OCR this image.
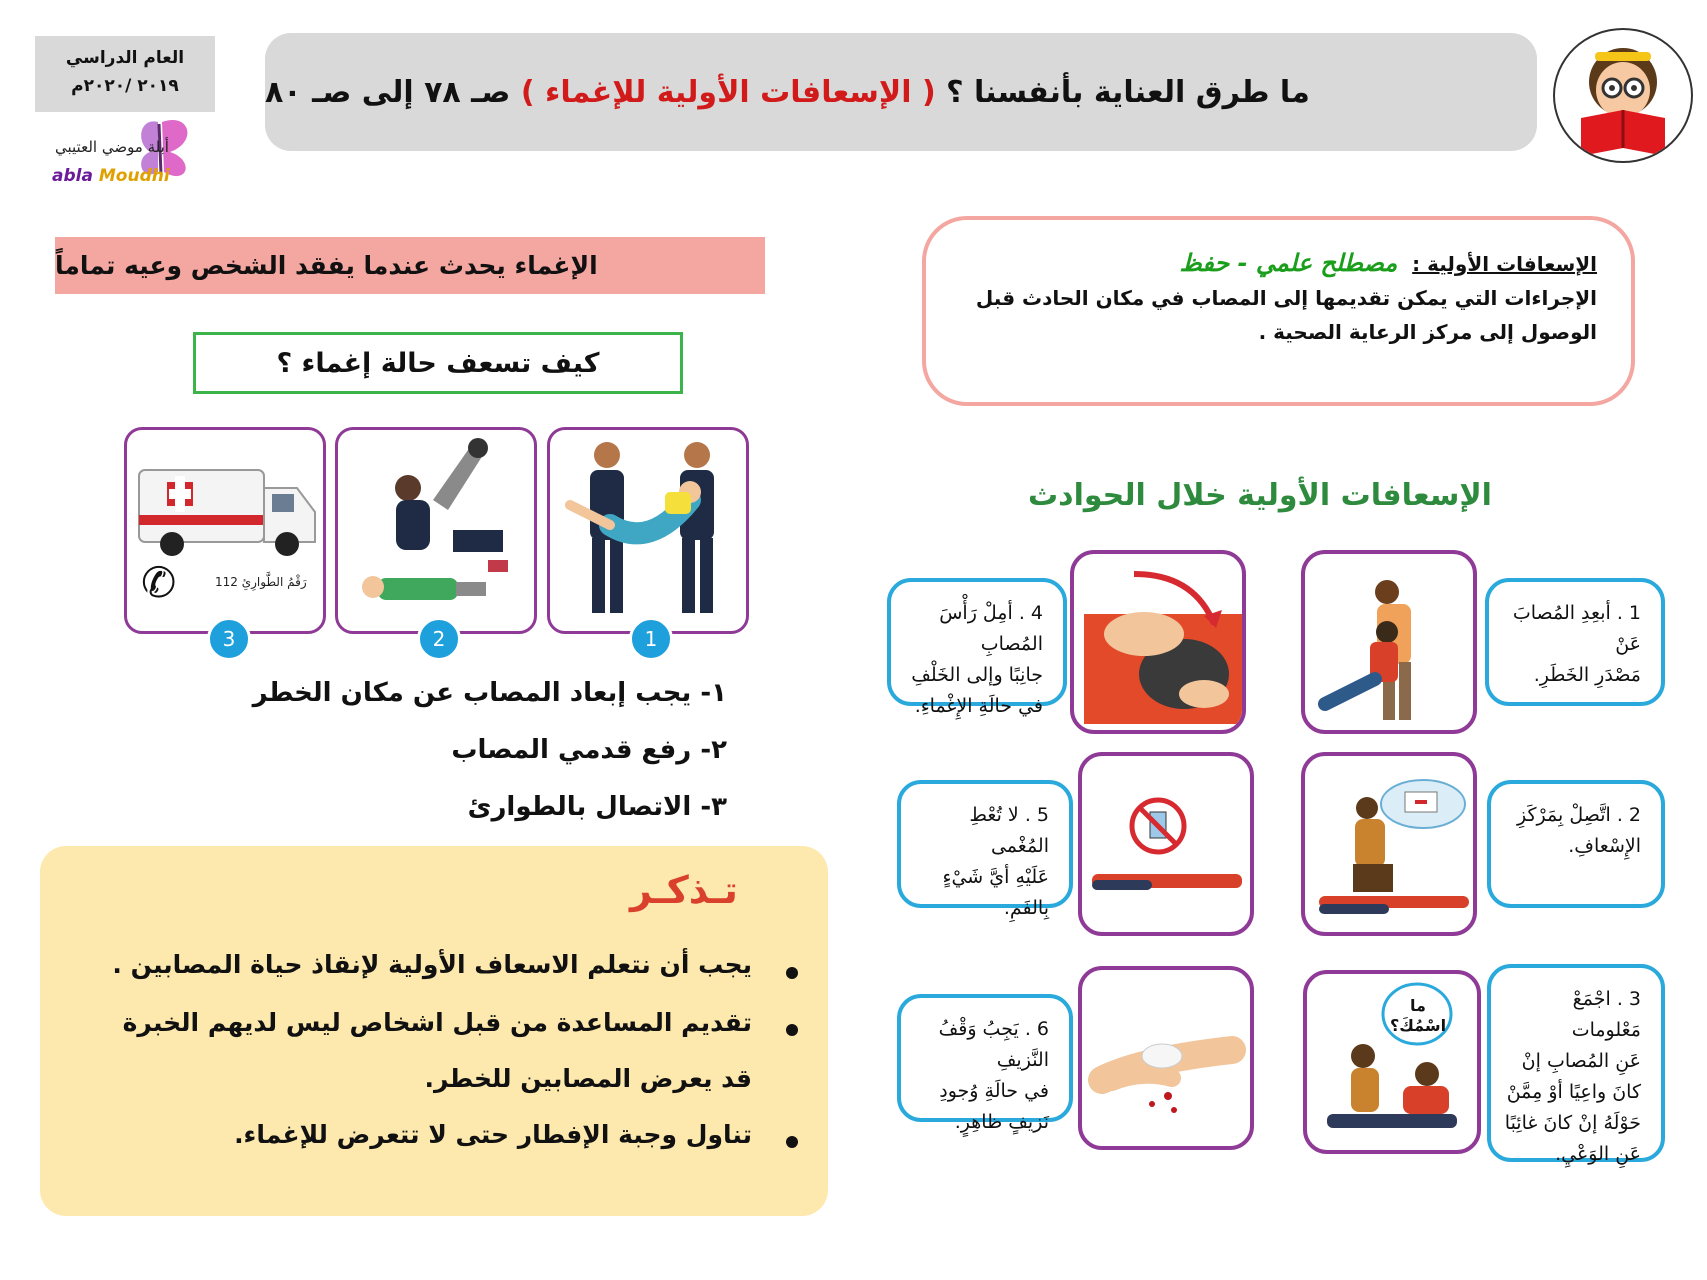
العام الدراسي
٢٠١٩ /٢٠٢٠م
أبلة موضي العتيبي
abla Moudhi
ما طرق العناية بأنفسنا ؟

( الإسعافات الأولية للإغماء )

صـ ٧٨ إلى صـ ٨٠
الإسعافات الأولية : مصطلح علمي - حفظ
الإجراءات التي يمكن تقديمها إلى المصاب في مكان الحادث قبل
الوصول إلى مركز الرعاية الصحية .
الإسعافات الأولية خلال الحوادث
الإغماء يحدث عندما يفقد الشخص وعيه تماماً
كيف تسعف حالة إغماء ؟
1
2
✆	رَقْمُ الطَّوارِئِ 112
3
١- يجب إبعاد المصاب عن مكان الخطر
٢- رفع قدمي المصاب
٣- الاتصال بالطوارئ
تـذكـر
يجب أن نتعلم الاسعاف الأولية لإنقاذ حياة المصابين .
تقديم المساعدة من قبل اشخاص ليس لديهم الخبرة
قد يعرض المصابين للخطر.
تناول وجبة الإفطار حتى لا تتعرض للإغماء.
1 . أبعِدِ المُصابَ عَنْ
مَصْدَرِ الخَطَرِ.
4 . أمِلْ رَأْسَ المُصابِ
جانِبًا وإلى الخَلْفِ
في حالَةِ الإِغْماءِ.
2 . اتَّصِلْ بِمَرْكَزِ
الإِسْعافِ.
5 . لا تُعْطِ المُغْمى
عَلَيْهِ أيَّ شَيْءٍ
بِالفَمِ.
3 . اجْمَعْ مَعْلومات
عَنِ المُصابِ إنْ
كانَ واعِيًا أوْ مِمَّنْ
حَوْلَهُ إنْ كانَ غائِبًا
عَنِ الوَعْيِ.
ما اسْمُكَ؟
6 . يَجِبُ وَقْفُ النَّزيفِ
في حالَةِ وُجودِ
نَزيفٍ ظاهِرٍ.
